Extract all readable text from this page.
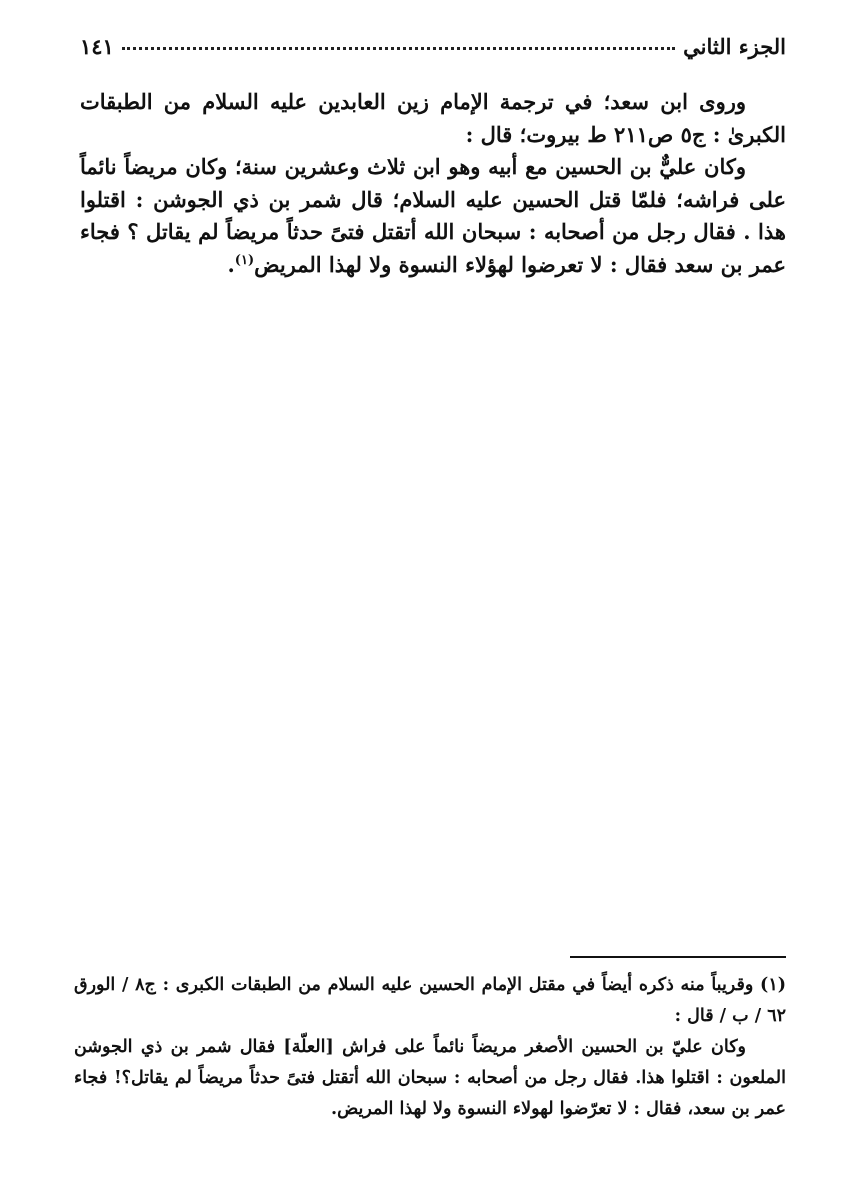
الجزء الثاني
١٤١

وروى ابن سعد؛ في ترجمة الإمام زين العابدين عليه السلام من الطبقات الكبرىٰ : ج٥ ص٢١١ ط بيروت؛ قال :

وكان عليٌّ بن الحسين مع أبيه وهو ابن ثلاث وعشرين سنة؛ وكان مريضاً نائماً على فراشه؛ فلمّا قتل الحسين عليه السلام؛ قال شمر بن ذي الجوشن : اقتلوا هذا . فقال رجل من أصحابه : سبحان الله أتقتل فتىً حدثاً مريضاً لم يقاتل ؟ فجاء عمر بن سعد فقال : لا تعرضوا لهؤلاء النسوة ولا لهذا المريض$^{(١)}$.

(١) وقريباً منه ذكره أيضاً في مقتل الإمام الحسين عليه السلام من الطبقات الكبرى : ج٨ / الورق ٦٢ / ب / قال :

وكان عليّ بن الحسين الأصغر مريضاً نائماً على فراش [العلّة] فقال شمر بن ذي الجوشن الملعون : اقتلوا هذا. فقال رجل من أصحابه : سبحان الله أتقتل فتىً حدثاً مريضاً لم يقاتل؟! فجاء عمر بن سعد، فقال : لا تعرّضوا لهولاء النسوة ولا لهذا المريض.
